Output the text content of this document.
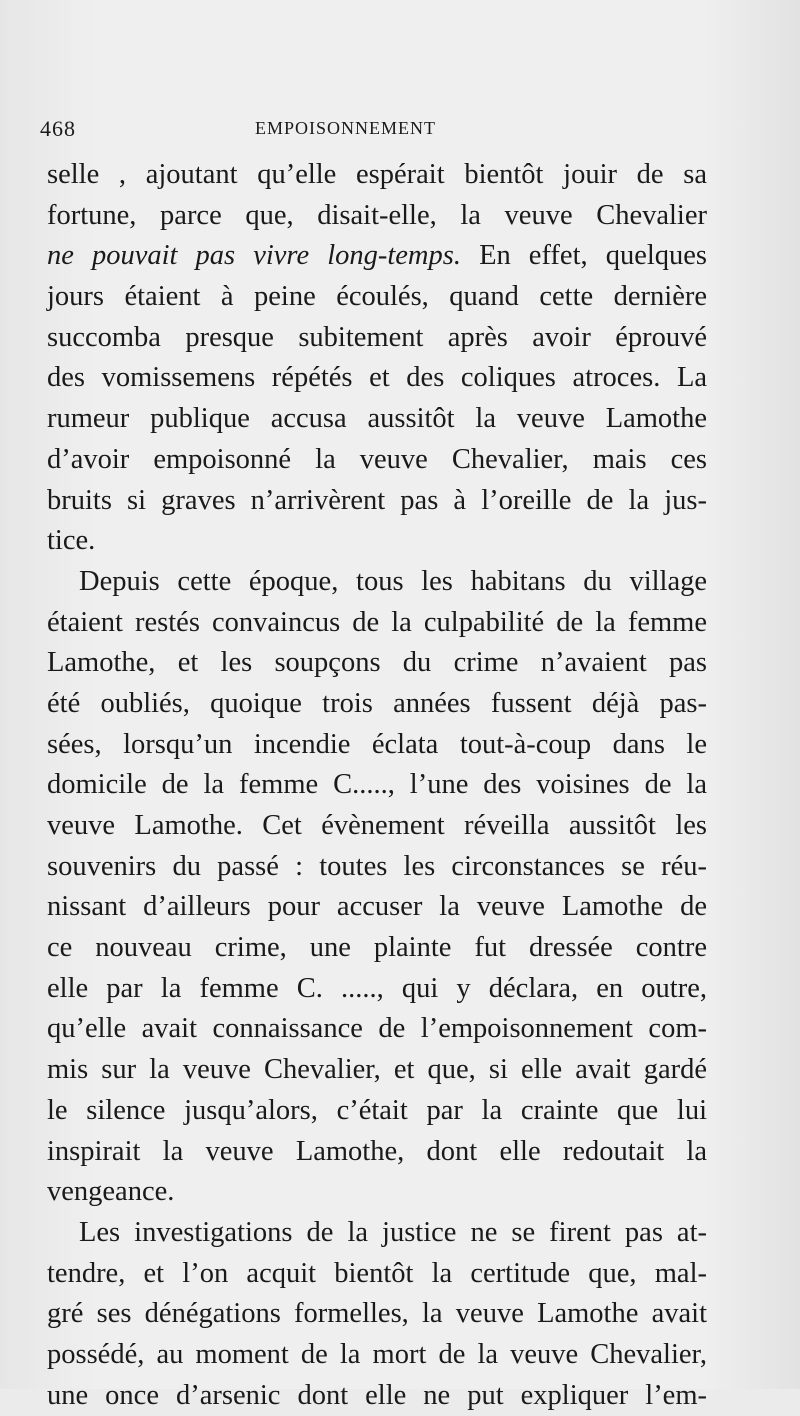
468	EMPOISONNEMENT
selle , ajoutant qu’elle espérait bientôt jouir de sa
fortune, parce que, disait-elle, la veuve Chevalier
ne pouvait pas vivre long-temps. En effet, quelques
jours étaient à peine écoulés, quand cette dernière
succomba presque subitement après avoir éprouvé
des vomissemens répétés et des coliques atroces. La
rumeur publique accusa aussitôt la veuve Lamothe
d’avoir empoisonné la veuve Chevalier, mais ces
bruits si graves n’arrivèrent pas à l’oreille de la jus-
tice.
Depuis cette époque, tous les habitans du village
étaient restés convaincus de la culpabilité de la femme
Lamothe, et les soupçons du crime n’avaient pas
été oubliés, quoique trois années fussent déjà pas-
sées, lorsqu’un incendie éclata tout-à-coup dans le
domicile de la femme C....., l’une des voisines de la
veuve Lamothe. Cet évènement réveilla aussitôt les
souvenirs du passé : toutes les circonstances se réu-
nissant d’ailleurs pour accuser la veuve Lamothe de
ce nouveau crime, une plainte fut dressée contre
elle par la femme C. ....., qui y déclara, en outre,
qu’elle avait connaissance de l’empoisonnement com-
mis sur la veuve Chevalier, et que, si elle avait gardé
le silence jusqu’alors, c’était par la crainte que lui
inspirait la veuve Lamothe, dont elle redoutait la
vengeance.
Les investigations de la justice ne se firent pas at-
tendre, et l’on acquit bientôt la certitude que, mal-
gré ses dénégations formelles, la veuve Lamothe avait
possédé, au moment de la mort de la veuve Chevalier,
une once d’arsenic dont elle ne put expliquer l’em-
